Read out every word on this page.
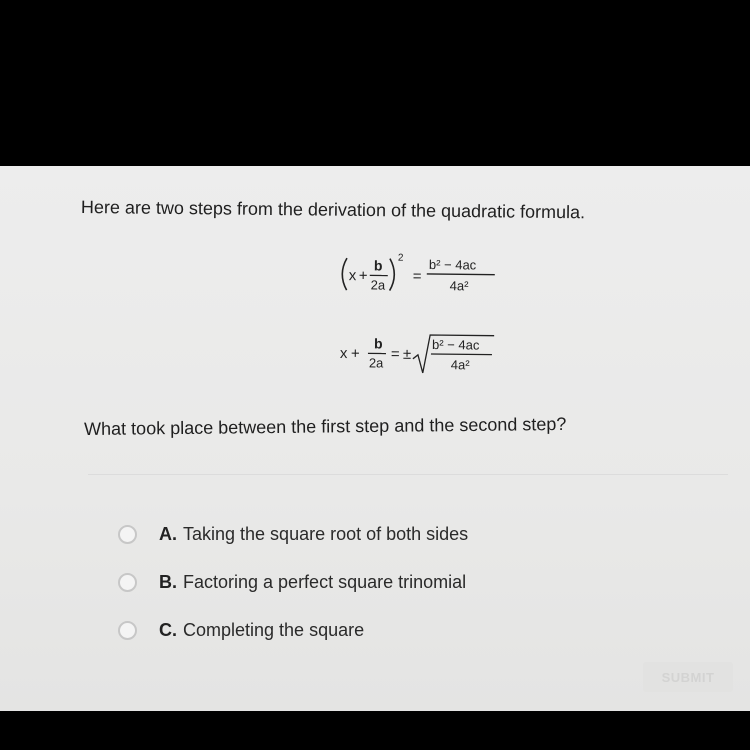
Here are two steps from the derivation of the quadratic formula.
x +
b
2a
2
=
b² − 4ac
4a²
x +
b
2a
= ±
b² − 4ac
4a²
What took place between the first step and the second step?
A. Taking the square root of both sides
B. Factoring a perfect square trinomial
C. Completing the square
SUBMIT
